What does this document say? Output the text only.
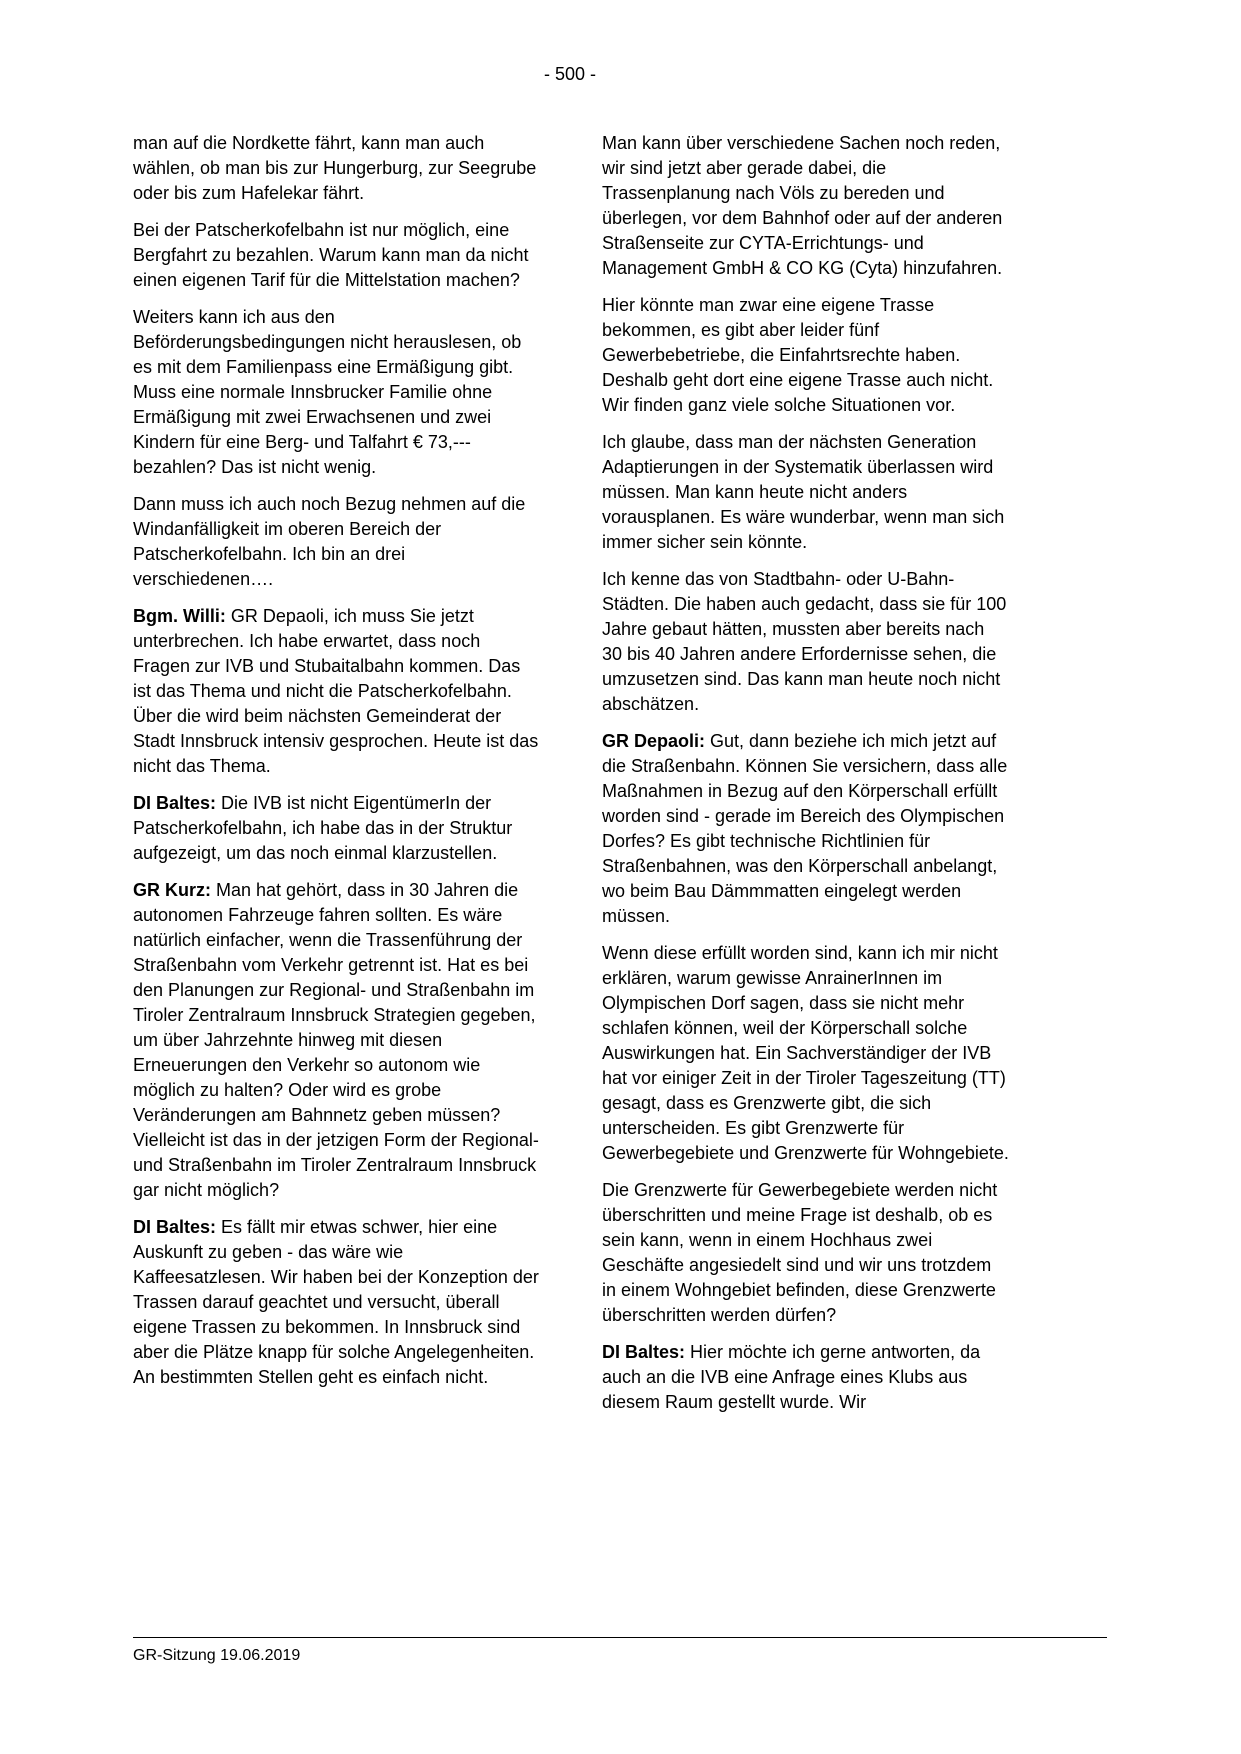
- 500 -

man auf die Nordkette fährt, kann man auch wählen, ob man bis zur Hungerburg, zur Seegrube oder bis zum Hafelekar fährt.

Bei der Patscherkofelbahn ist nur möglich, eine Bergfahrt zu bezahlen. Warum kann man da nicht einen eigenen Tarif für die Mittelstation machen?

Weiters kann ich aus den Beförderungsbedingungen nicht herauslesen, ob es mit dem Familienpass eine Ermäßigung gibt. Muss eine normale Innsbrucker Familie ohne Ermäßigung mit zwei Erwachsenen und zwei Kindern für eine Berg- und Talfahrt € 73,--- bezahlen? Das ist nicht wenig.

Dann muss ich auch noch Bezug nehmen auf die Windanfälligkeit im oberen Bereich der Patscherkofelbahn. Ich bin an drei verschiedenen….

Bgm. Willi: GR Depaoli, ich muss Sie jetzt unterbrechen. Ich habe erwartet, dass noch Fragen zur IVB und Stubaitalbahn kommen. Das ist das Thema und nicht die Patscherkofelbahn. Über die wird beim nächsten Gemeinderat der Stadt Innsbruck intensiv gesprochen. Heute ist das nicht das Thema.

DI Baltes: Die IVB ist nicht EigentümerIn der Patscherkofelbahn, ich habe das in der Struktur aufgezeigt, um das noch einmal klarzustellen.

GR Kurz: Man hat gehört, dass in 30 Jahren die autonomen Fahrzeuge fahren sollten. Es wäre natürlich einfacher, wenn die Trassenführung der Straßenbahn vom Verkehr getrennt ist. Hat es bei den Planungen zur Regional- und Straßenbahn im Tiroler Zentralraum Innsbruck Strategien gegeben, um über Jahrzehnte hinweg mit diesen Erneuerungen den Verkehr so autonom wie möglich zu halten? Oder wird es grobe Veränderungen am Bahnnetz geben müssen? Vielleicht ist das in der jetzigen Form der Regional- und Straßenbahn im Tiroler Zentralraum Innsbruck gar nicht möglich?

DI Baltes: Es fällt mir etwas schwer, hier eine Auskunft zu geben - das wäre wie Kaffeesatzlesen. Wir haben bei der Konzeption der Trassen darauf geachtet und versucht, überall eigene Trassen zu bekommen. In Innsbruck sind aber die Plätze knapp für solche Angelegenheiten. An bestimmten Stellen geht es einfach nicht.

Man kann über verschiedene Sachen noch reden, wir sind jetzt aber gerade dabei, die Trassenplanung nach Völs zu bereden und überlegen, vor dem Bahnhof oder auf der anderen Straßenseite zur CYTA-Errichtungs- und Management GmbH & CO KG (Cyta) hinzufahren.

Hier könnte man zwar eine eigene Trasse bekommen, es gibt aber leider fünf Gewerbebetriebe, die Einfahrtsrechte haben. Deshalb geht dort eine eigene Trasse auch nicht. Wir finden ganz viele solche Situationen vor.

Ich glaube, dass man der nächsten Generation Adaptierungen in der Systematik überlassen wird müssen. Man kann heute nicht anders vorausplanen. Es wäre wunderbar, wenn man sich immer sicher sein könnte.

Ich kenne das von Stadtbahn- oder U-Bahn-Städten. Die haben auch gedacht, dass sie für 100 Jahre gebaut hätten, mussten aber bereits nach 30 bis 40 Jahren andere Erfordernisse sehen, die umzusetzen sind. Das kann man heute noch nicht abschätzen.

GR Depaoli: Gut, dann beziehe ich mich jetzt auf die Straßenbahn. Können Sie versichern, dass alle Maßnahmen in Bezug auf den Körperschall erfüllt worden sind - gerade im Bereich des Olympischen Dorfes? Es gibt technische Richtlinien für Straßenbahnen, was den Körperschall anbelangt, wo beim Bau Dämmmatten eingelegt werden müssen.

Wenn diese erfüllt worden sind, kann ich mir nicht erklären, warum gewisse AnrainerInnen im Olympischen Dorf sagen, dass sie nicht mehr schlafen können, weil der Körperschall solche Auswirkungen hat. Ein Sachverständiger der IVB hat vor einiger Zeit in der Tiroler Tageszeitung (TT) gesagt, dass es Grenzwerte gibt, die sich unterscheiden. Es gibt Grenzwerte für Gewerbegebiete und Grenzwerte für Wohngebiete.

Die Grenzwerte für Gewerbegebiete werden nicht überschritten und meine Frage ist deshalb, ob es sein kann, wenn in einem Hochhaus zwei Geschäfte angesiedelt sind und wir uns trotzdem in einem Wohngebiet befinden, diese Grenzwerte überschritten werden dürfen?

DI Baltes: Hier möchte ich gerne antworten, da auch an die IVB eine Anfrage eines Klubs aus diesem Raum gestellt wurde. Wir

GR-Sitzung 19.06.2019
